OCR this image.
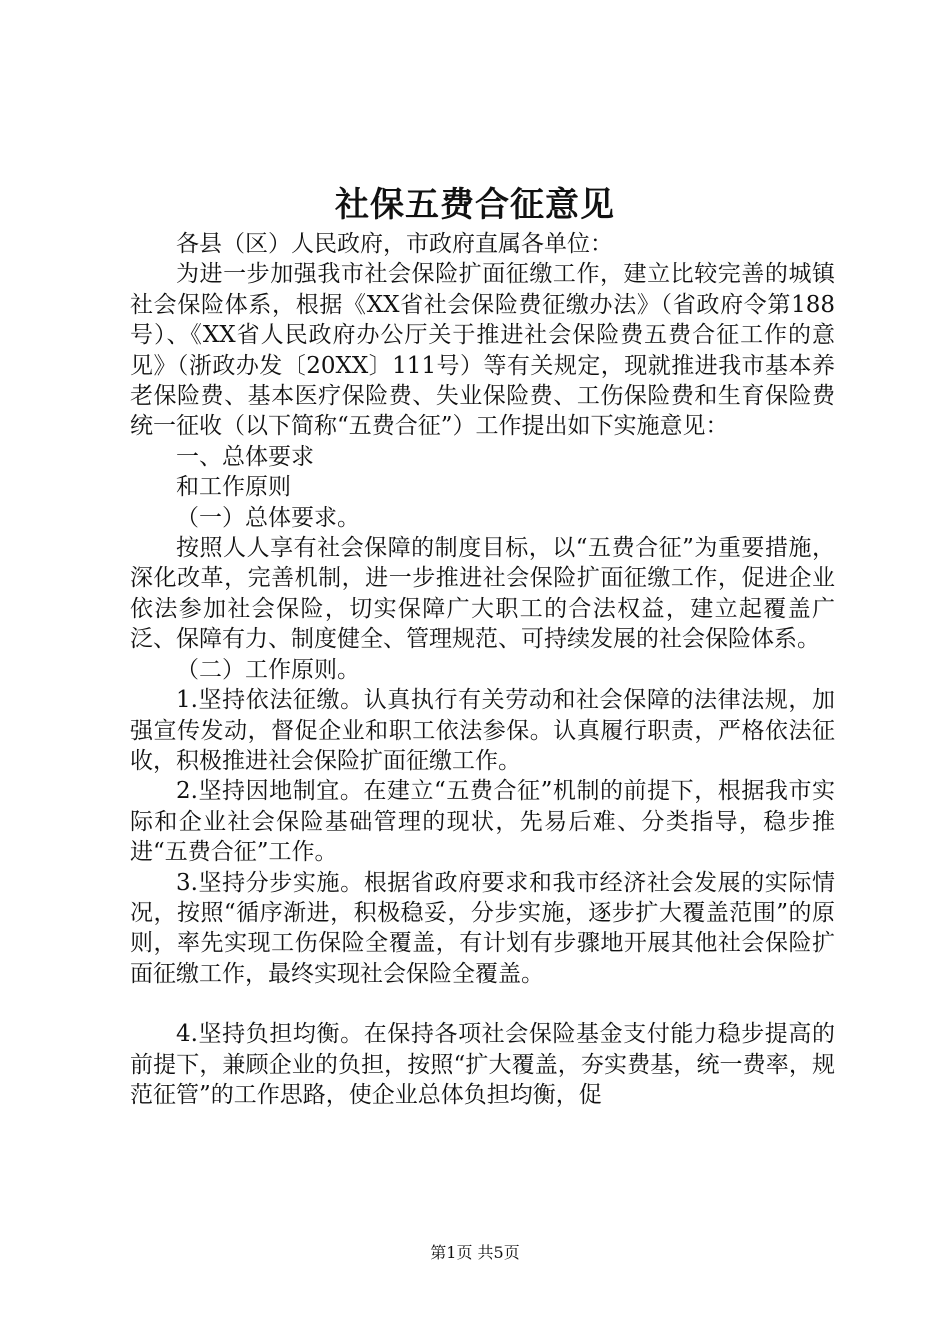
社保五费合征意见

各县（区）人民政府，市政府直属各单位：

为进一步加强我市社会保险扩面征缴工作，建立比较完善的城镇社会保险体系，根据《XX省社会保险费征缴办法》（省政府令第188号）、《XX省人民政府办公厅关于推进社会保险费五费合征工作的意见》（浙政办发〔20XX〕111号）等有关规定，现就推进我市基本养老保险费、基本医疗保险费、失业保险费、工伤保险费和生育保险费统一征收（以下简称“五费合征”）工作提出如下实施意见：

一、总体要求

和工作原则

（一）总体要求。

按照人人享有社会保障的制度目标，以“五费合征”为重要措施，深化改革，完善机制，进一步推进社会保险扩面征缴工作，促进企业依法参加社会保险，切实保障广大职工的合法权益，建立起覆盖广泛、保障有力、制度健全、管理规范、可持续发展的社会保险体系。

（二）工作原则。

1.坚持依法征缴。认真执行有关劳动和社会保障的法律法规，加强宣传发动，督促企业和职工依法参保。认真履行职责，严格依法征收，积极推进社会保险扩面征缴工作。

2.坚持因地制宜。在建立“五费合征”机制的前提下，根据我市实际和企业社会保险基础管理的现状，先易后难、分类指导，稳步推进“五费合征”工作。

3.坚持分步实施。根据省政府要求和我市经济社会发展的实际情况，按照“循序渐进，积极稳妥，分步实施，逐步扩大覆盖范围”的原则，率先实现工伤保险全覆盖，有计划有步骤地开展其他社会保险扩面征缴工作，最终实现社会保险全覆盖。

4.坚持负担均衡。在保持各项社会保险基金支付能力稳步提高的前提下，兼顾企业的负担，按照“扩大覆盖，夯实费基，统一费率，规范征管”的工作思路，使企业总体负担均衡，促

第1页 共5页
